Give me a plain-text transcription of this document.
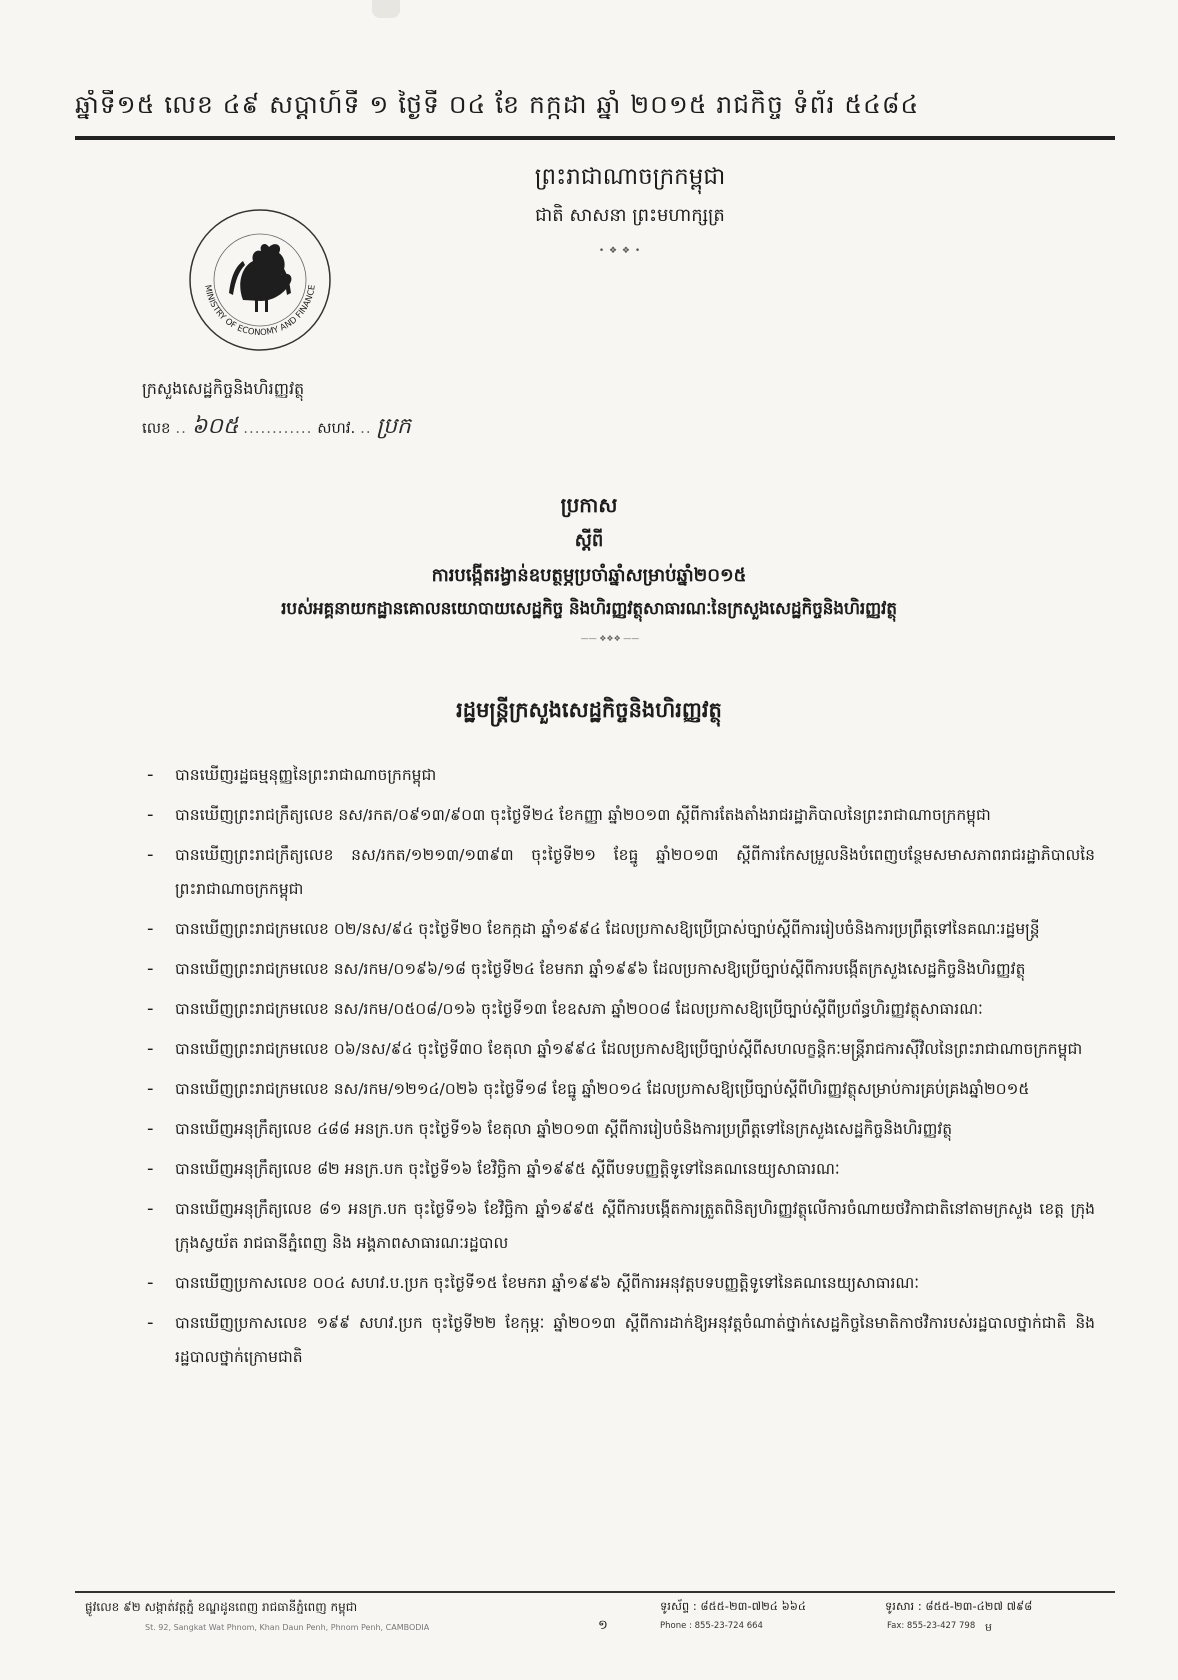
ឆ្នាំទី១៥ លេខ ៤៩ សប្ដាហ៍ទី ១ ថ្ងៃទី ០៤ ខែ កក្កដា ឆ្នាំ ២០១៥ រាជកិច្ច ទំព័រ ៥៤៨៤
ព្រះរាជាណាចក្រកម្ពុជា
ជាតិ សាសនា ព្រះមហាក្សត្រ
• ❖ ❖ •
MINISTRY OF ECONOMY AND FINANCE
ក្រសួងសេដ្ឋកិច្ចនិងហិរញ្ញវត្ថុ
លេខ .. ៦០៥ ............ សហវ. .. ប្រក
ប្រកាស
ស្ដីពី
ការបង្កើតរង្វាន់ឧបត្ថម្ភប្រចាំឆ្នាំសម្រាប់ឆ្នាំ២០១៥
របស់អគ្គនាយកដ្ឋានគោលនយោបាយសេដ្ឋកិច្ច និងហិរញ្ញវត្ថុសាធារណៈនៃក្រសួងសេដ្ឋកិច្ចនិងហិរញ្ញវត្ថុ
—— ❖❖❖ ——
រដ្ឋមន្ត្រីក្រសួងសេដ្ឋកិច្ចនិងហិរញ្ញវត្ថុ
- បានឃើញរដ្ឋធម្មនុញ្ញនៃព្រះរាជាណាចក្រកម្ពុជា
- បានឃើញព្រះរាជក្រឹត្យលេខ នស/រកត/០៩១៣/៩០៣ ចុះថ្ងៃទី២៤ ខែកញ្ញា ឆ្នាំ២០១៣ ស្ដីពីការតែងតាំងរាជរដ្ឋាភិបាលនៃព្រះរាជាណាចក្រកម្ពុជា
- បានឃើញព្រះរាជក្រឹត្យលេខ នស/រកត/១២១៣/១៣៩៣ ចុះថ្ងៃទី២១ ខែធ្នូ ឆ្នាំ២០១៣ ស្ដីពីការកែសម្រួលនិងបំពេញបន្ថែមសមាសភាពរាជរដ្ឋាភិបាលនៃព្រះរាជាណាចក្រកម្ពុជា
- បានឃើញព្រះរាជក្រមលេខ ០២/នស/៩៤ ចុះថ្ងៃទី២០ ខែកក្កដា ឆ្នាំ១៩៩៤ ដែលប្រកាសឱ្យប្រើប្រាស់ច្បាប់ស្ដីពីការរៀបចំនិងការប្រព្រឹត្តទៅនៃគណៈរដ្ឋមន្ត្រី
- បានឃើញព្រះរាជក្រមលេខ នស/រកម/០១៩៦/១៨ ចុះថ្ងៃទី២៤ ខែមករា ឆ្នាំ១៩៩៦ ដែលប្រកាសឱ្យប្រើច្បាប់ស្ដីពីការបង្កើតក្រសួងសេដ្ឋកិច្ចនិងហិរញ្ញវត្ថុ
- បានឃើញព្រះរាជក្រមលេខ នស/រកម/០៥០៨/០១៦ ចុះថ្ងៃទី១៣ ខែឧសភា ឆ្នាំ២០០៨ ដែលប្រកាសឱ្យប្រើច្បាប់ស្ដីពីប្រព័ន្ធហិរញ្ញវត្ថុសាធារណៈ
- បានឃើញព្រះរាជក្រមលេខ ០៦/នស/៩៤ ចុះថ្ងៃទី៣០ ខែតុលា ឆ្នាំ១៩៩៤ ដែលប្រកាសឱ្យប្រើច្បាប់ស្ដីពីសហលក្ខន្តិកៈមន្ត្រីរាជការស៊ីវិលនៃព្រះរាជាណាចក្រកម្ពុជា
- បានឃើញព្រះរាជក្រមលេខ នស/រកម/១២១៤/០២៦ ចុះថ្ងៃទី១៨ ខែធ្នូ ឆ្នាំ២០១៤ ដែលប្រកាសឱ្យប្រើច្បាប់ស្ដីពីហិរញ្ញវត្ថុសម្រាប់ការគ្រប់គ្រងឆ្នាំ២០១៥
- បានឃើញអនុក្រឹត្យលេខ ៤៨៨ អនក្រ.បក ចុះថ្ងៃទី១៦ ខែតុលា ឆ្នាំ២០១៣ ស្ដីពីការរៀបចំនិងការប្រព្រឹត្តទៅនៃក្រសួងសេដ្ឋកិច្ចនិងហិរញ្ញវត្ថុ
- បានឃើញអនុក្រឹត្យលេខ ៨២ អនក្រ.បក ចុះថ្ងៃទី១៦ ខែវិច្ឆិកា ឆ្នាំ១៩៩៥ ស្ដីពីបទបញ្ញត្តិទូទៅនៃគណនេយ្យសាធារណៈ
- បានឃើញអនុក្រឹត្យលេខ ៨១ អនក្រ.បក ចុះថ្ងៃទី១៦ ខែវិច្ឆិកា ឆ្នាំ១៩៩៥ ស្ដីពីការបង្កើតការត្រួតពិនិត្យហិរញ្ញវត្ថុលើការចំណាយថវិកាជាតិនៅតាមក្រសួង ខេត្ត ក្រុង ក្រុងស្វយ័ត រាជធានីភ្នំពេញ និង អង្គភាពសាធារណៈរដ្ឋបាល
- បានឃើញប្រកាសលេខ ០០៤ សហវ.ប.ប្រក ចុះថ្ងៃទី១៥ ខែមករា ឆ្នាំ១៩៩៦ ស្ដីពីការអនុវត្តបទបញ្ញត្តិទូទៅនៃគណនេយ្យសាធារណៈ
- បានឃើញប្រកាសលេខ ១៩៩ សហវ.ប្រក ចុះថ្ងៃទី២២ ខែកុម្ភៈ ឆ្នាំ២០១៣ ស្ដីពីការដាក់ឱ្យអនុវត្តចំណាត់ថ្នាក់សេដ្ឋកិច្ចនៃមាតិកាថវិការបស់រដ្ឋបាលថ្នាក់ជាតិ និងរដ្ឋបាលថ្នាក់ក្រោមជាតិ
ផ្លូវលេខ ៩២ សង្កាត់វត្តភ្នំ ខណ្ឌដូនពេញ រាជធានីភ្នំពេញ កម្ពុជា
St. 92, Sangkat Wat Phnom, Khan Daun Penh, Phnom Penh, CAMBODIA	១
ទូរស័ព្ទ : ៨៥៥-២៣-៧២៤ ៦៦៤	ទូរសារ : ៨៥៥-២៣-៤២៧ ៧៩៨
Phone : 855-23-724 664	Fax: 855-23-427 798 ម
